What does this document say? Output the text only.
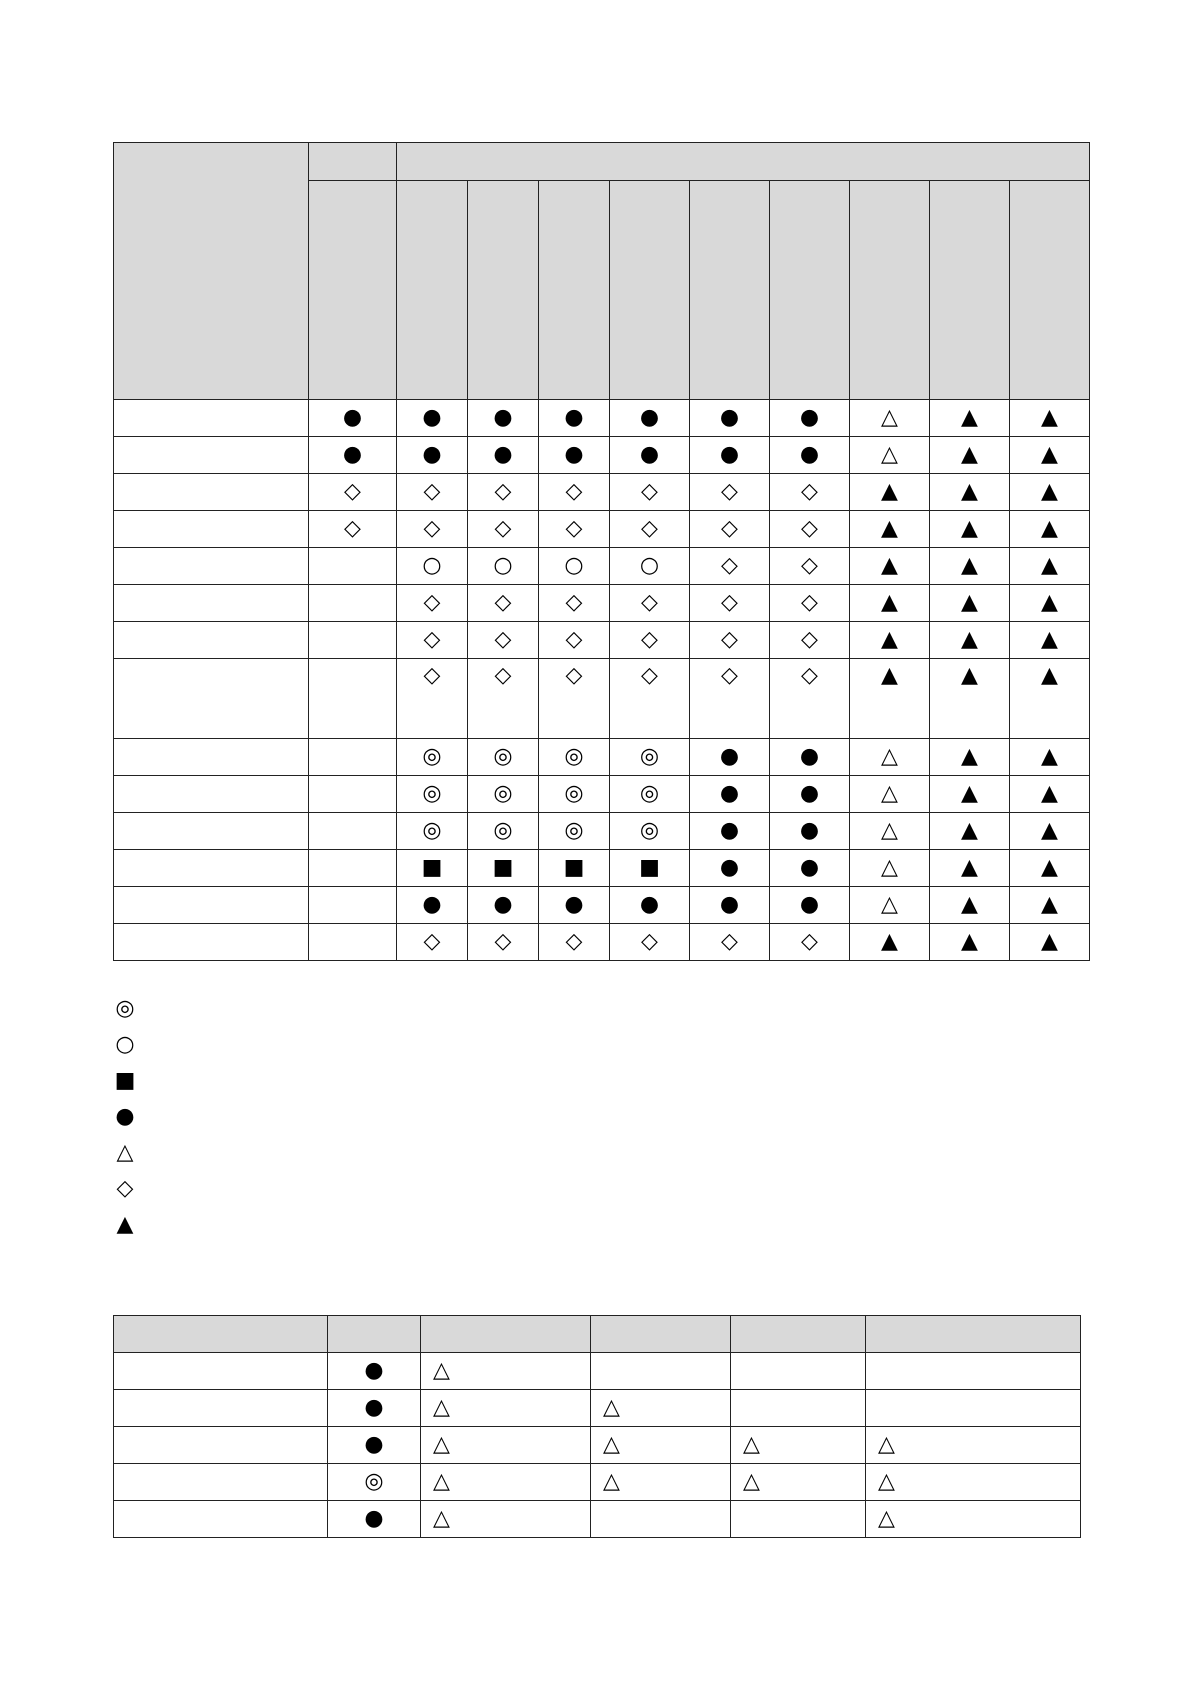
	●	●	●	●	●	●	●	△	▲	▲
	●	●	●	●	●	●	●	△	▲	▲
	◇	◇	◇	◇	◇	◇	◇	▲	▲	▲
	◇	◇	◇	◇	◇	◇	◇	▲	▲	▲
		○	○	○	○	◇	◇	▲	▲	▲
		◇	◇	◇	◇	◇	◇	▲	▲	▲
		◇	◇	◇	◇	◇	◇	▲	▲	▲
		◇	◇	◇	◇	◇	◇	▲	▲	▲
		◎	◎	◎	◎	●	●	△	▲	▲
		◎	◎	◎	◎	●	●	△	▲	▲
		◎	◎	◎	◎	●	●	△	▲	▲
		■	■	■	■	●	●	△	▲	▲
		●	●	●	●	●	●	△	▲	▲
		◇	◇	◇	◇	◇	◇	▲	▲	▲
◎
○
■
●
△
◇
▲

	●	△			
	●	△	△		
	●	△	△	△	△
	◎	△	△	△	△
	●	△			△
